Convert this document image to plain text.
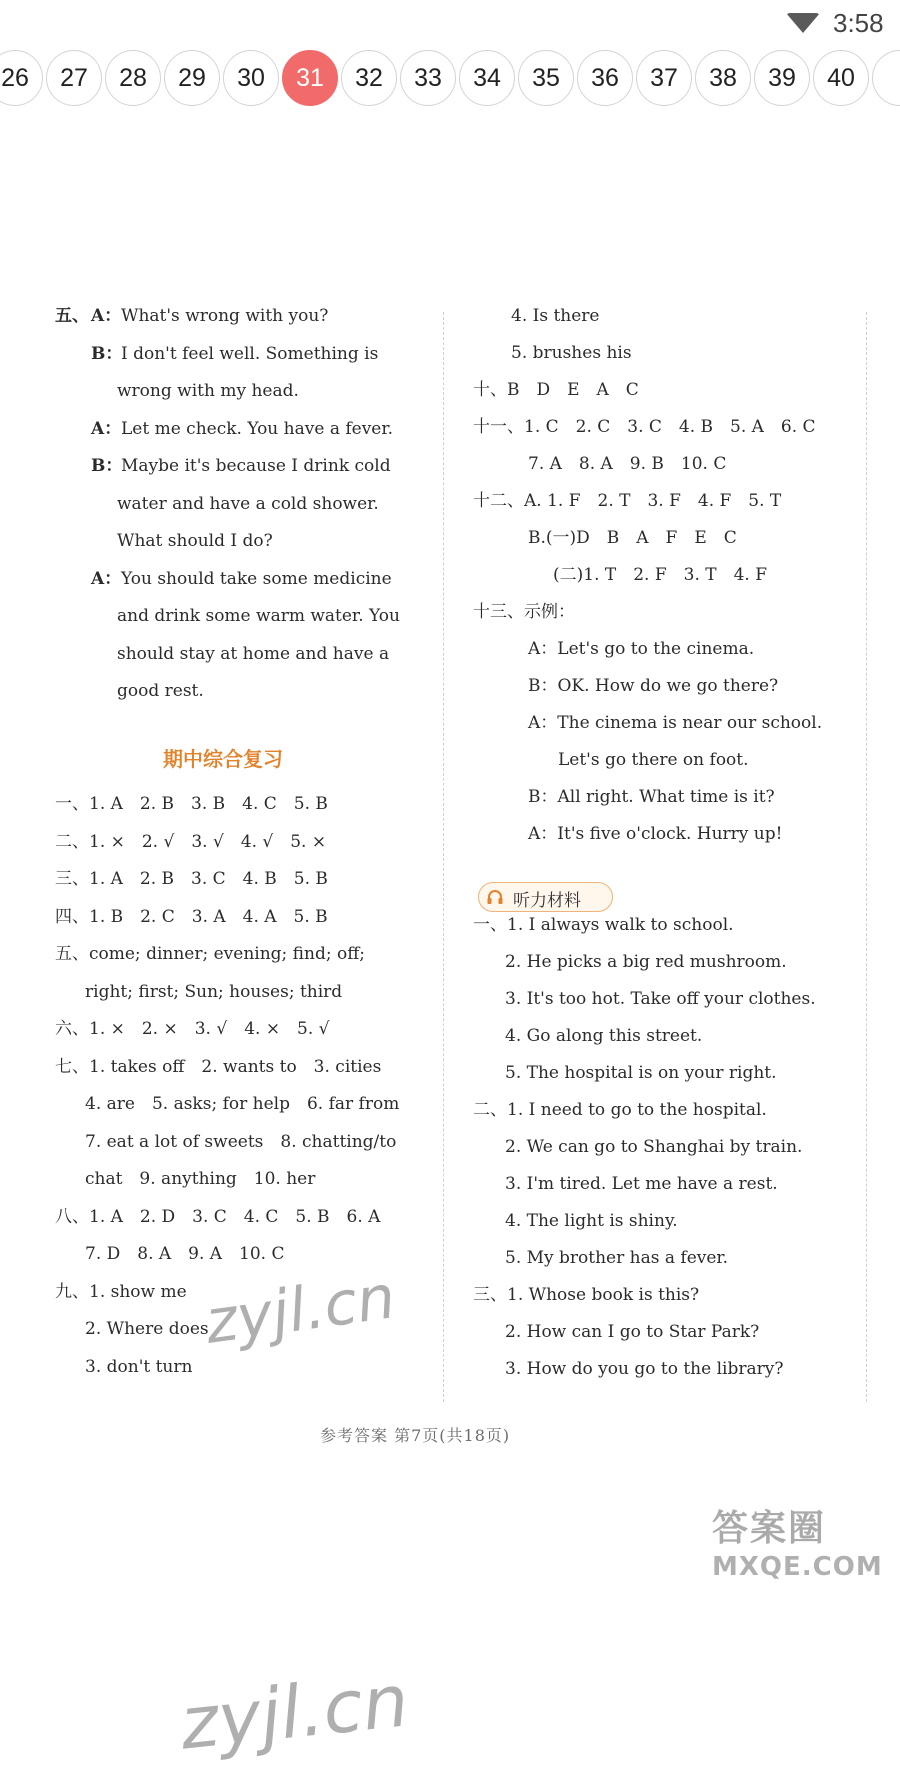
3:58
26	27	28	29	30	31	32	33	34	35	36	37	38	39	40
五、 A： What's wrong with you?
B：
I don't feel well. Something is
wrong with my head.
A： Let me check. You have a fever.
B：
Maybe it's because I drink cold
water and have a cold shower.
What should I do?
A： You should take some medicine
and drink some warm water. You
should stay at home and have a
good rest.
期中综合复习
一、1. A　2. B　3. B　4. C　5. B
二、1. ×　2. √　3. √　4. √　5. ×
三、1. A　2. B　3. C　4. B　5. B
四、1. B　2. C　3. A　4. A　5. B
五、come; dinner; evening; find; off;
right; first; Sun; houses; third
六、1. ×　2. ×　3. √　4. ×　5. √
七、1. takes off　2. wants to　3. cities
4. are　5. asks; for help　6. far from
7. eat a lot of sweets　8. chatting/to
chat　9. anything　10. her
八、1. A　2. D　3. C　4. C　5. B　6. A
7. D　8. A　9. A　10. C
九、1. show me
2. Where does
3. don't turn
4. Is there
5. brushes his
十、B　D　E　A　C
十一、1. C　2. C　3. C　4. B　5. A　6. C
7. A　8. A　9. B　10. C
十二、A. 1. F　2. T　3. F　4. F　5. T
B.(一)D　B　A　F　E　C
(二)1. T　2. F　3. T　4. F
十三、示例：
A：Let's go to the cinema.
B：OK. How do we go there?
A：The cinema is near our school.
Let's go there on foot.
B：All right. What time is it?
A：It's five o'clock. Hurry up!
一、1. I always walk to school.
2. He picks a big red mushroom.
3. It's too hot. Take off your clothes.
4. Go along this street.
5. The hospital is on your right.
二、1. I need to go to the hospital.
2. We can go to Shanghai by train.
3. I'm tired. Let me have a rest.
4. The light is shiny.
5. My brother has a fever.
三、1. Whose book is this?
2. How can I go to Star Park?
3. How do you go to the library?
听力材料
参考答案 第7页(共18页)
zyjl.cn
zyjl.cn
答案圈
MXQE.COM
